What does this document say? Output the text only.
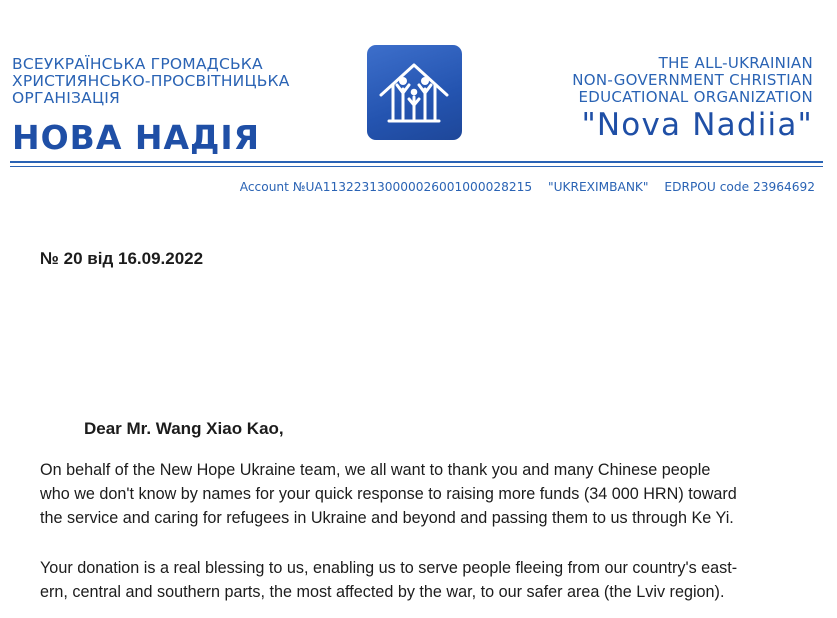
ВСЕУКРАЇНСЬКА ГРОМАДСЬКА
ХРИСТИЯНСЬКО-ПРОСВІТНИЦЬКА
ОРГАНІЗАЦІЯ
НОВА НАДІЯ
THE ALL-UKRAINIAN
NON-GOVERNMENT CHRISTIAN
EDUCATIONAL ORGANIZATION
"Nova Nadiia"
Account №UA113223130000026001000028215 "UKREXIMBANK" EDRPOU code 23964692
№ 20 від 16.09.2022
Dear Mr. Wang Xiao Kao,
On behalf of the New Hope Ukraine team, we all want to thank you and many Chinese people
who we don't know by names for your quick response to raising more funds (34 000 HRN) toward
the service and caring for refugees in Ukraine and beyond and passing them to us through Ke Yi.
Your donation is a real blessing to us, enabling us to serve people fleeing from our country's east-
ern, central and southern parts, the most affected by the war, to our safer area (the Lviv region).
